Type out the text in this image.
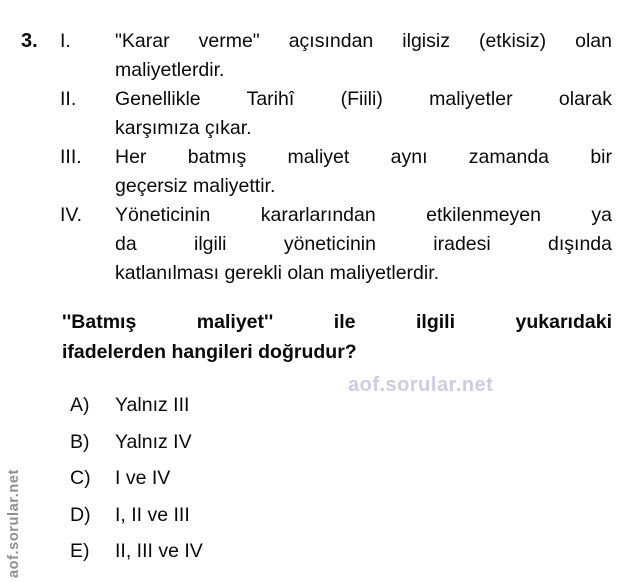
3. I.	"Karar verme" açısından ilgisiz (etkisiz) olan
maliyetlerdir.
II.	Genellikle Tarihî (Fiili) maliyetler olarak
karşımıza çıkar.
III.	Her batmış maliyet aynı zamanda bir
geçersiz maliyettir.
IV.	Yöneticinin kararlarından etkilenmeyen ya
da ilgili yöneticinin iradesi dışında
katlanılması gerekli olan maliyetlerdir.
''Batmış maliyet'' ile ilgili yukarıdaki
ifadelerden hangileri doğrudur?
aof.sorular.net
aof.sorular.net
A)	Yalnız III
B)	Yalnız IV
C)	I ve IV
D)	I, II ve III
E)	II, III ve IV
